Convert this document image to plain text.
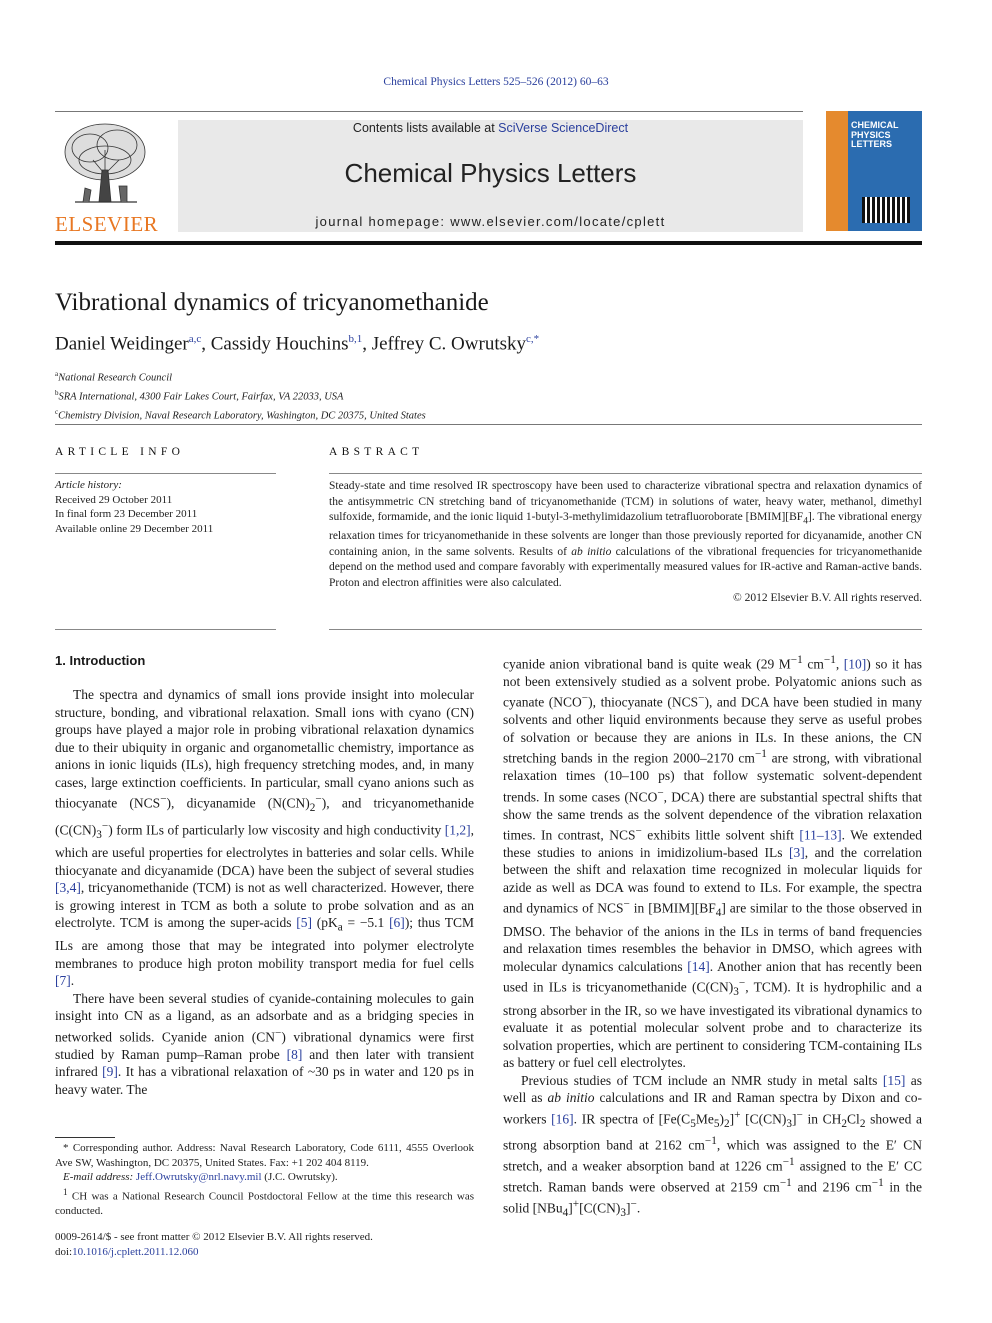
Chemical Physics Letters 525–526 (2012) 60–63
ELSEVIER
Contents lists available at SciVerse ScienceDirect
Chemical Physics Letters
journal homepage: www.elsevier.com/locate/cplett
CHEMICAL
PHYSICS
LETTERS
Vibrational dynamics of tricyanomethanide
Daniel Weidinger$^{a,c}$, Cassidy Houchins$^{b,1}$, Jeffrey C. Owrutsky$^{c,*}$
$^a$National Research Council
$^b$SRA International, 4300 Fair Lakes Court, Fairfax, VA 22033, USA
$^c$Chemistry Division, Naval Research Laboratory, Washington, DC 20375, United States
ARTICLE INFO	ABSTRACT
Article history:
Received 29 October 2011
In final form 23 December 2011
Available online 29 December 2011
Steady-state and time resolved IR spectroscopy have been used to characterize vibrational spectra and relaxation dynamics of the antisymmetric CN stretching band of tricyanomethanide (TCM) in solutions of water, heavy water, methanol, dimethyl sulfoxide, formamide, and the ionic liquid 1-butyl-3-methylimidazolium tetrafluoroborate $[BMIM][BF_4]$. The vibrational energy relaxation times for tricyanomethanide in these solvents are longer than those previously reported for dicyanamide, another CN containing anion, in the same solvents. Results of ab initio calculations of the vibrational frequencies for tricyanomethanide depend on the method used and compare favorably with experimentally measured values for IR-active and Raman-active bands. Proton and electron affinities were also calculated.
© 2012 Elsevier B.V. All rights reserved.
1. Introduction

The spectra and dynamics of small ions provide insight into molecular structure, bonding, and vibrational relaxation. Small ions with cyano (CN) groups have played a major role in probing vibrational relaxation dynamics due to their ubiquity in organic and organometallic chemistry, importance as anions in ionic liquids (ILs), high frequency stretching modes, and, in many cases, large extinction coefficients. In particular, small cyano anions such as thiocyanate (NCS−), dicyanamide $(N(CN)_2^-)$, and tricyanomethanide $(C(CN)_3^-)$ form ILs of particularly low viscosity and high conductivity [1,2], which are useful properties for electrolytes in batteries and solar cells. While thiocyanate and dicyanamide (DCA) have been the subject of several studies [3,4], tricyanomethanide (TCM) is not as well characterized. However, there is growing interest in TCM as both a solute to probe solvation and as an electrolyte. TCM is among the super-acids [5] ($pK_a = -5.1$ [6]); thus TCM ILs are among those that may be integrated into polymer electrolyte membranes to produce high proton mobility transport media for fuel cells [7].

There have been several studies of cyanide-containing molecules to gain insight into CN as a ligand, as an adsorbate and as a bridging species in networked solids. Cyanide anion (CN−) vibrational dynamics were first studied by Raman pump–Raman probe [8] and then later with transient infrared [9]. It has a vibrational relaxation of ~30 ps in water and 120 ps in heavy water. The

cyanide anion vibrational band is quite weak (29 $M^{-1}$ $cm^{-1}$, [10]) so it has not been extensively studied as a solvent probe. Polyatomic anions such as cyanate (NCO−), thiocyanate (NCS−), and DCA have been studied in many solvents and other liquid environments because they serve as useful probes of solvation or because they are anions in ILs. In these anions, the CN stretching bands in the region 2000–2170 $cm^{-1}$ are strong, with vibrational relaxation times (10–100 ps) that follow systematic solvent-dependent trends. In some cases (NCO−, DCA) there are substantial spectral shifts that show the same trends as the solvent dependence of the vibration relaxation times. In contrast, NCS− exhibits little solvent shift [11–13]. We extended these studies to anions in imidizolium-based ILs [3], and the correlation between the shift and relaxation time recognized in molecular liquids for azide as well as DCA was found to extend to ILs. For example, the spectra and dynamics of NCS− in $[BMIM][BF_4]$ are similar to the those observed in DMSO. The behavior of the anions in the ILs in terms of band frequencies and relaxation times resembles the behavior in DMSO, which agrees with molecular dynamics calculations [14]. Another anion that has recently been used in ILs is tricyanomethanide ($C(CN)_3^-$, TCM). It is hydrophilic and a strong absorber in the IR, so we have investigated its vibrational dynamics to evaluate it as potential molecular solvent probe and to characterize its solvation properties, which are pertinent to considering TCM-containing ILs as battery or fuel cell electrolytes.

Previous studies of TCM include an NMR study in metal salts [15] as well as ab initio calculations and IR and Raman spectra by Dixon and co-workers [16]. IR spectra of $[Fe(C_5Me_5)_2]^+$ $[C(CN)_3]^-$ in $CH_2Cl_2$ showed a strong absorption band at 2162 $cm^{-1}$, which was assigned to the E′ CN stretch, and a weaker absorption band at 1226 $cm^{-1}$ assigned to the E′ CC stretch. Raman bands were observed at 2159 $cm^{-1}$ and 2196 $cm^{-1}$ in the solid $[NBu_4]^+[C(CN)_3]^-$.

* Corresponding author. Address: Naval Research Laboratory, Code 6111, 4555 Overlook Ave SW, Washington, DC 20375, United States. Fax: +1 202 404 8119.

E-mail address: Jeff.Owrutsky@nrl.navy.mil (J.C. Owrutsky).

$^1$ CH was a National Research Council Postdoctoral Fellow at the time this research was conducted.

0009-2614/$ - see front matter © 2012 Elsevier B.V. All rights reserved.
doi:10.1016/j.cplett.2011.12.060
